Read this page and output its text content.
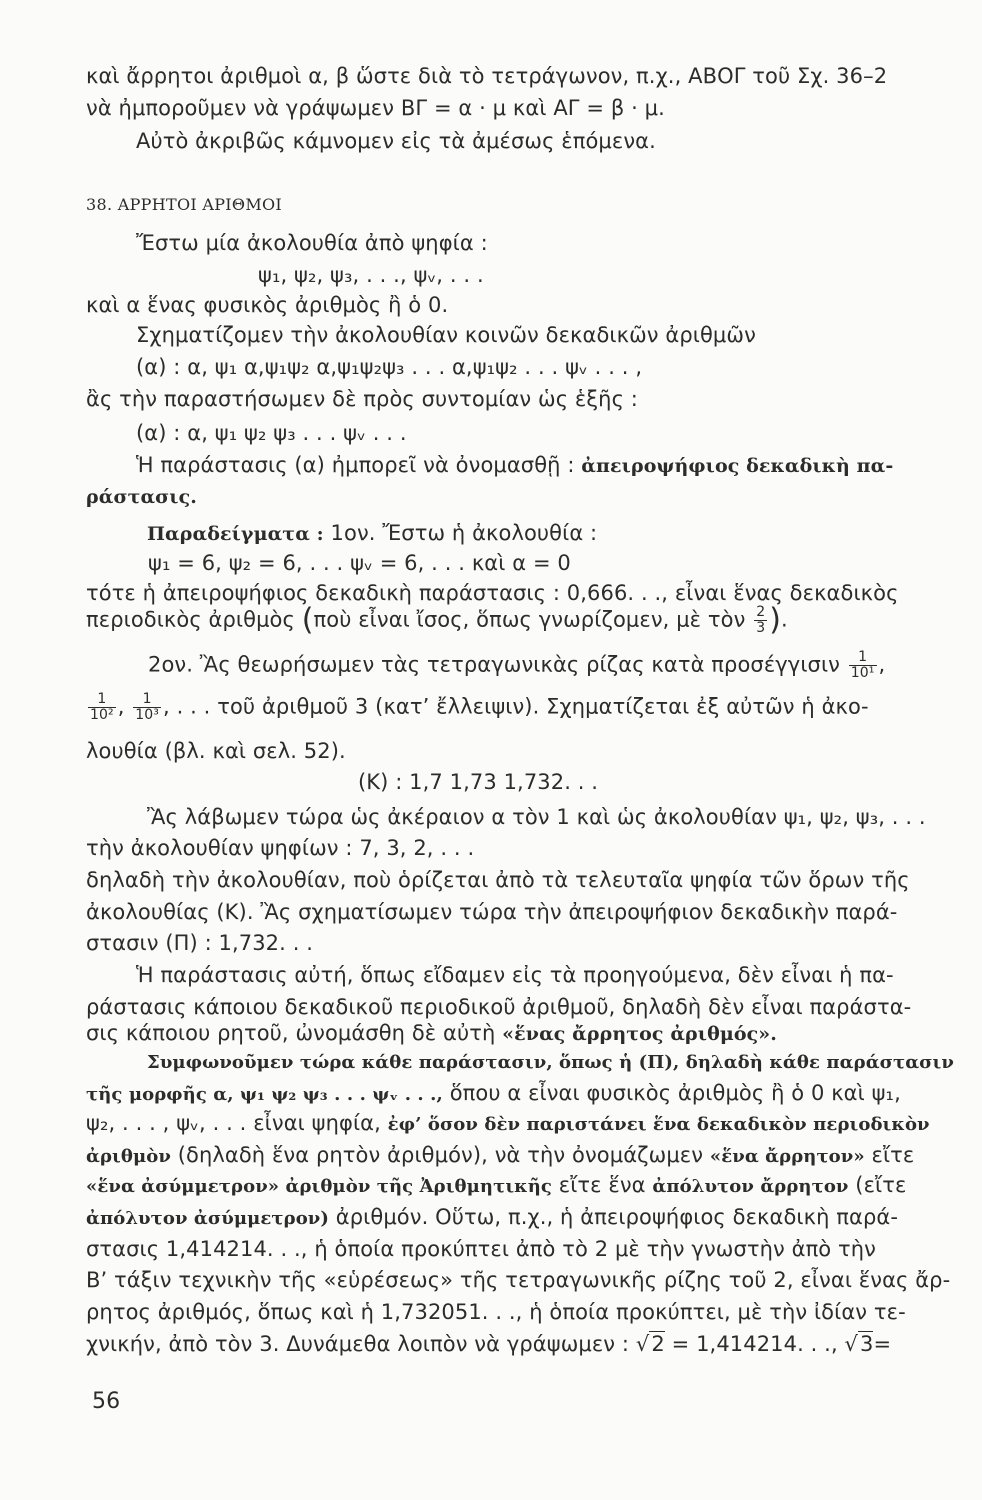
καὶ ἄρρητοι ἀριθμοὶ α, β ὥστε διὰ τὸ τετράγωνον, π.χ., ΑΒΟΓ τοῦ Σχ. 36–2
νὰ ἠμποροῦμεν νὰ γράψωμεν ΒΓ = α · μ καὶ ΑΓ = β · μ.
Αὐτὸ ἀκριβῶς κάμνομεν εἰς τὰ ἀμέσως ἑπόμενα.
38. ΑΡΡΗΤΟΙ ΑΡΙΘΜΟΙ
Ἔστω μία ἀκολουθία ἀπὸ ψηφία :
ψ₁, ψ₂, ψ₃, . . ., ψᵥ, . . .
καὶ α ἕνας φυσικὸς ἀριθμὸς ἢ ὁ 0.
Σχηματίζομεν τὴν ἀκολουθίαν κοινῶν δεκαδικῶν ἀριθμῶν
(α) : α, ψ₁ α,ψ₁ψ₂ α,ψ₁ψ₂ψ₃ . . . α,ψ₁ψ₂ . . . ψᵥ . . . ,
ἂς τὴν παραστήσωμεν δὲ πρὸς συντομίαν ὡς ἑξῆς :
(α) : α, ψ₁ ψ₂ ψ₃ . . . ψᵥ . . .
Ἡ παράστασις (α) ἠμπορεῖ νὰ ὀνομασθῇ : ἀπειροψήφιος δεκαδικὴ πα-
ράστασις.
Παραδείγματα : 1ον. Ἔστω ἡ ἀκολουθία :
ψ₁ = 6, ψ₂ = 6, . . . ψᵥ = 6, . . . καὶ α = 0
τότε ἡ ἀπειροψήφιος δεκαδικὴ παράστασις : 0,666. . ., εἶναι ἕνας δεκαδικὸς
περιοδικὸς ἀριθμὸς (ποὺ εἶναι ἴσος, ὅπως γνωρίζομεν, μὲ τὸν $\frac{2}{3}$ ).
2ον. Ἂς θεωρήσωμεν τὰς τετραγωνικὰς ρίζας κατὰ προσέγγισιν $\frac{1}{\text{10¹}}$ ,
$\frac{1}{\text{10²}}$ , $\frac{1}{\text{10³}}$ , . . . τοῦ ἀριθμοῦ 3 (κατ’ ἔλλειψιν). Σχηματίζεται ἐξ αὐτῶν ἡ ἀκο-
λουθία (βλ. καὶ σελ. 52).
(Κ) : 1,7 1,73 1,732. . .
Ἂς λάβωμεν τώρα ὡς ἀκέραιον α τὸν 1 καὶ ὡς ἀκολουθίαν ψ₁, ψ₂, ψ₃, . . .
τὴν ἀκολουθίαν ψηφίων : 7, 3, 2, . . .
δηλαδὴ τὴν ἀκολουθίαν, ποὺ ὁρίζεται ἀπὸ τὰ τελευταῖα ψηφία τῶν ὅρων τῆς
ἀκολουθίας (Κ). Ἂς σχηματίσωμεν τώρα τὴν ἀπειροψήφιον δεκαδικὴν παρά-
στασιν (Π) : 1,732. . .
Ἡ παράστασις αὐτή, ὅπως εἴδαμεν εἰς τὰ προηγούμενα, δὲν εἶναι ἡ πα-
ράστασις κάποιου δεκαδικοῦ περιοδικοῦ ἀριθμοῦ, δηλαδὴ δὲν εἶναι παράστα-
σις κάποιου ρητοῦ, ὠνομάσθη δὲ αὐτὴ «ἕνας ἄρρητος ἀριθμός».
Συμφωνοῦμεν τώρα κάθε παράστασιν, ὅπως ἡ (Π), δηλαδὴ κάθε παράστασιν
τῆς μορφῆς α, ψ₁ ψ₂ ψ₃ . . . ψᵥ . . ., ὅπου α εἶναι φυσικὸς ἀριθμὸς ἢ ὁ 0 καὶ ψ₁,
ψ₂, . . . , ψᵥ, . . . εἶναι ψηφία, ἐφ’ ὅσον δὲν παριστάνει ἕνα δεκαδικὸν περιοδικὸν
ἀριθμὸν (δηλαδὴ ἕνα ρητὸν ἀριθμόν), νὰ τὴν ὀνομάζωμεν «ἕνα ἄρρητον» εἴτε
«ἕνα ἀσύμμετρον» ἀριθμὸν τῆς Ἀριθμητικῆς εἴτε ἕνα ἀπόλυτον ἄρρητον (εἴτε
ἀπόλυτον ἀσύμμετρον) ἀριθμόν. Οὕτω, π.χ., ἡ ἀπειροψήφιος δεκαδικὴ παρά-
στασις 1,414214. . ., ἡ ὁποία προκύπτει ἀπὸ τὸ 2 μὲ τὴν γνωστὴν ἀπὸ τὴν
Β’ τάξιν τεχνικὴν τῆς «εὑρέσεως» τῆς τετραγωνικῆς ρίζης τοῦ 2, εἶναι ἕνας ἄρ-
ρητος ἀριθμός, ὅπως καὶ ἡ 1,732051. . ., ἡ ὁποία προκύπτει, μὲ τὴν ἰδίαν τε-
χνικήν, ἀπὸ τὸν 3. Δυνάμεθα λοιπὸν νὰ γράψωμεν : √2 = 1,414214. . ., √3=
56
